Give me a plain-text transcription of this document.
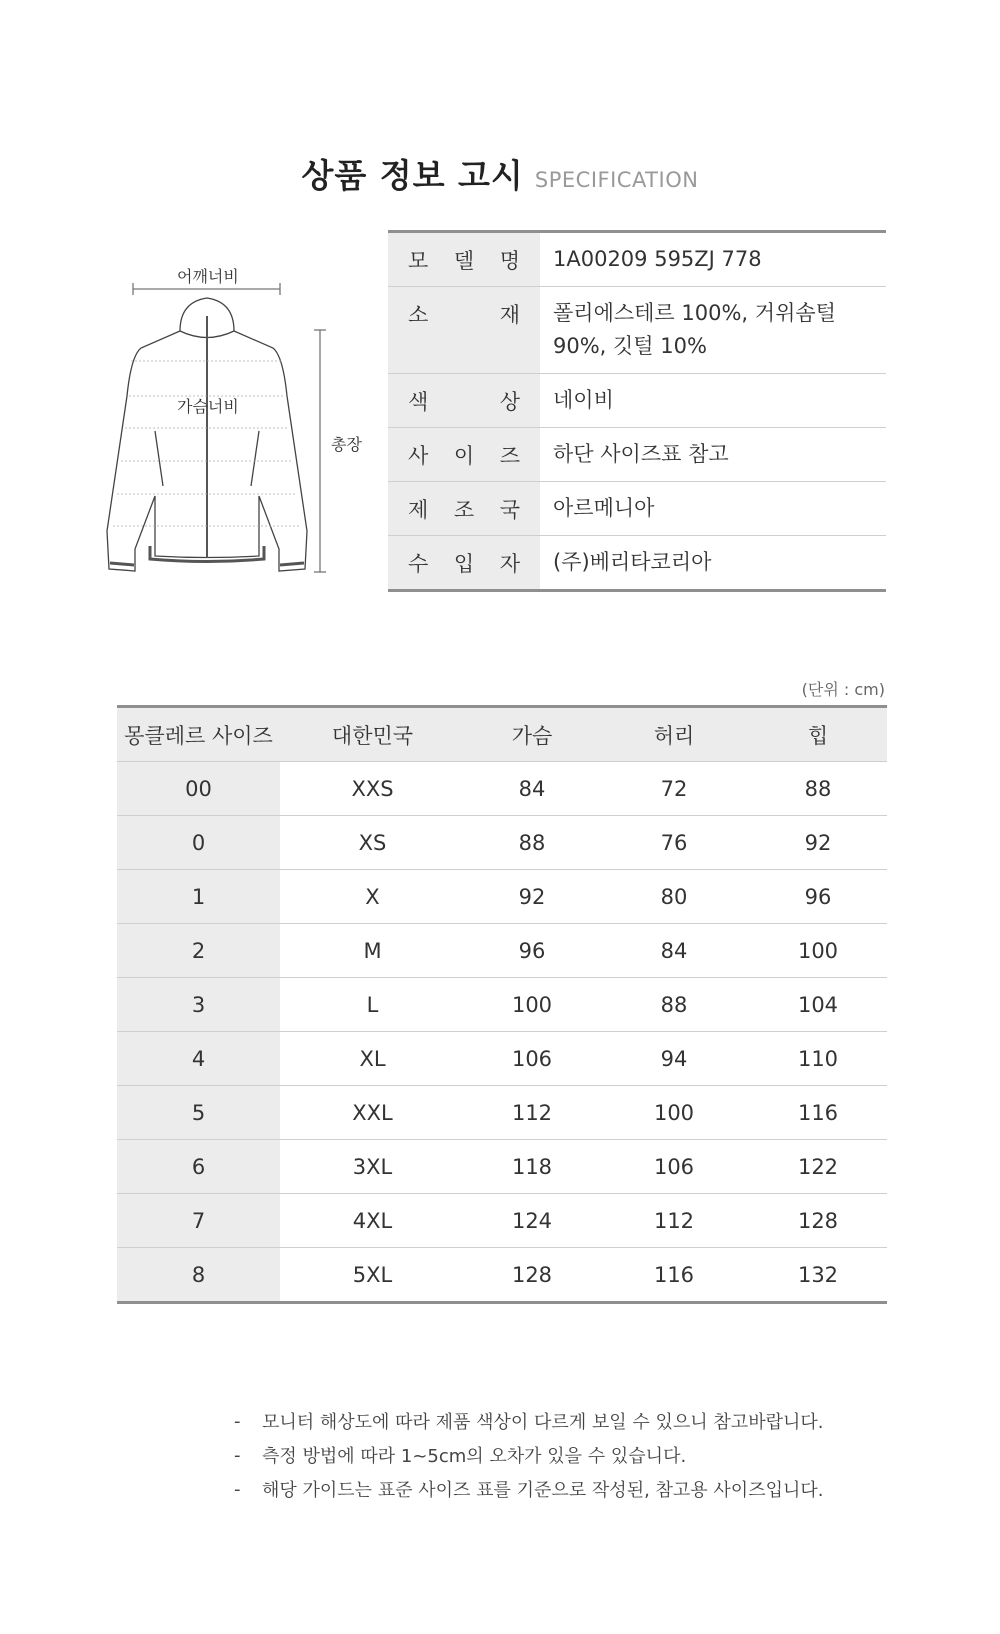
상품 정보 고시 SPECIFICATION
어깨너비
가슴너비
총장
모 델 명	1A00209 595ZJ 778

소 재	폴리에스테르 100%, 거위솜털 90%, 깃털 10%

색 상	네이비

사 이 즈	하단 사이즈표 참고

제 조 국	아르메니아

수 입 자	(주)베리타코리아
(단위 : cm)
몽클레르 사이즈	대한민국	가슴	허리	힙
00	XXS	84	72	88
0	XS	88	76	92
1	X	92	80	96
2	M	96	84	100
3	L	100	88	104
4	XL	106	94	110
5	XXL	112	100	116
6	3XL	118	106	122
7	4XL	124	112	128
8	5XL	128	116	132
-	모니터 해상도에 따라 제품 색상이 다르게 보일 수 있으니 참고바랍니다.
-	측정 방법에 따라 1~5cm의 오차가 있을 수 있습니다.
-	해당 가이드는 표준 사이즈 표를 기준으로 작성된, 참고용 사이즈입니다.
